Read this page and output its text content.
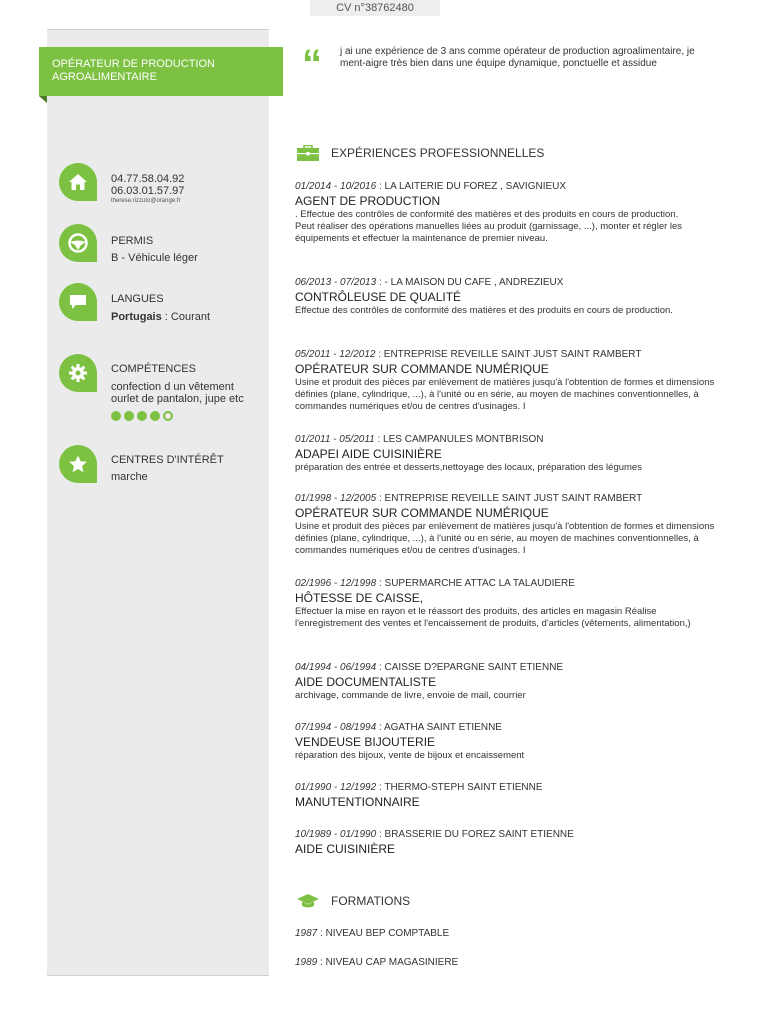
CV n°38762480
OPÉRATEUR DE PRODUCTION AGROALIMENTAIRE
04.77.58.04.92
06.03.01.57.97
therese.rizzuto@orange.fr
PERMIS
B - Véhicule léger
LANGUES
Portugais : Courant
COMPÉTENCES
confection d un vêtement
ourlet de pantalon, jupe etc
CENTRES D'INTÉRÊT
marche
“ j ai une expérience de 3 ans comme opérateur de production agroalimentaire, je ment-aigre très bien dans une équipe dynamique, ponctuelle et assidue
EXPÉRIENCES PROFESSIONNELLES
01/2014 - 10/2016 : LA LAITERIE DU FOREZ , SAVIGNIEUX
AGENT DE PRODUCTION
. Effectue des contrôles de conformité des matières et des produits en cours de production.
Peut réaliser des opérations manuelles liées au produit (garnissage, ...), monter et régler les équipements et effectuer la maintenance de premier niveau.
06/2013 - 07/2013 : - LA MAISON DU CAFE , ANDREZIEUX
CONTRÔLEUSE DE QUALITÉ
Effectue des contrôles de conformité des matières et des produits en cours de production.
05/2011 - 12/2012 : ENTREPRISE REVEILLE SAINT JUST SAINT RAMBERT
OPÉRATEUR SUR COMMANDE NUMÉRIQUE
Usine et produit des pièces par enlèvement de matières jusqu'à l'obtention de formes et dimensions définies (plane, cylindrique, ...), à l'unité ou en série, au moyen de machines conventionnelles, à commandes numériques et/ou de centres d'usinages. I
01/2011 - 05/2011 : LES CAMPANULES MONTBRISON
ADAPEI AIDE CUISINIÈRE
préparation des entrée et desserts,nettoyage des locaux, préparation des légumes
01/1998 - 12/2005 : ENTREPRISE REVEILLE SAINT JUST SAINT RAMBERT
OPÉRATEUR SUR COMMANDE NUMÉRIQUE
Usine et produit des pièces par enlèvement de matières jusqu'à l'obtention de formes et dimensions définies (plane, cylindrique, ...), à l'unité ou en série, au moyen de machines conventionnelles, à commandes numériques et/ou de centres d'usinages. I
02/1996 - 12/1998 : SUPERMARCHE ATTAC LA TALAUDIERE
HÔTESSE DE CAISSE,
Effectuer la mise en rayon et le réassort des produits, des articles en magasin Réalise l'enregistrement des ventes et l'encaissement de produits, d'articles (vêtements, alimentation,)
04/1994 - 06/1994 : CAISSE D?EPARGNE SAINT ETIENNE
AIDE DOCUMENTALISTE
archivage, commande de livre, envoie de mail, courrier
07/1994 - 08/1994 : AGATHA SAINT ETIENNE
VENDEUSE BIJOUTERIE
réparation des bijoux, vente de bijoux et encaissement
01/1990 - 12/1992 : THERMO-STEPH SAINT ETIENNE
MANUTENTIONNAIRE
10/1989 - 01/1990 : BRASSERIE DU FOREZ SAINT ETIENNE
AIDE CUISINIÈRE
FORMATIONS
1987 : NIVEAU BEP COMPTABLE
1989 : NIVEAU CAP MAGASINIERE
